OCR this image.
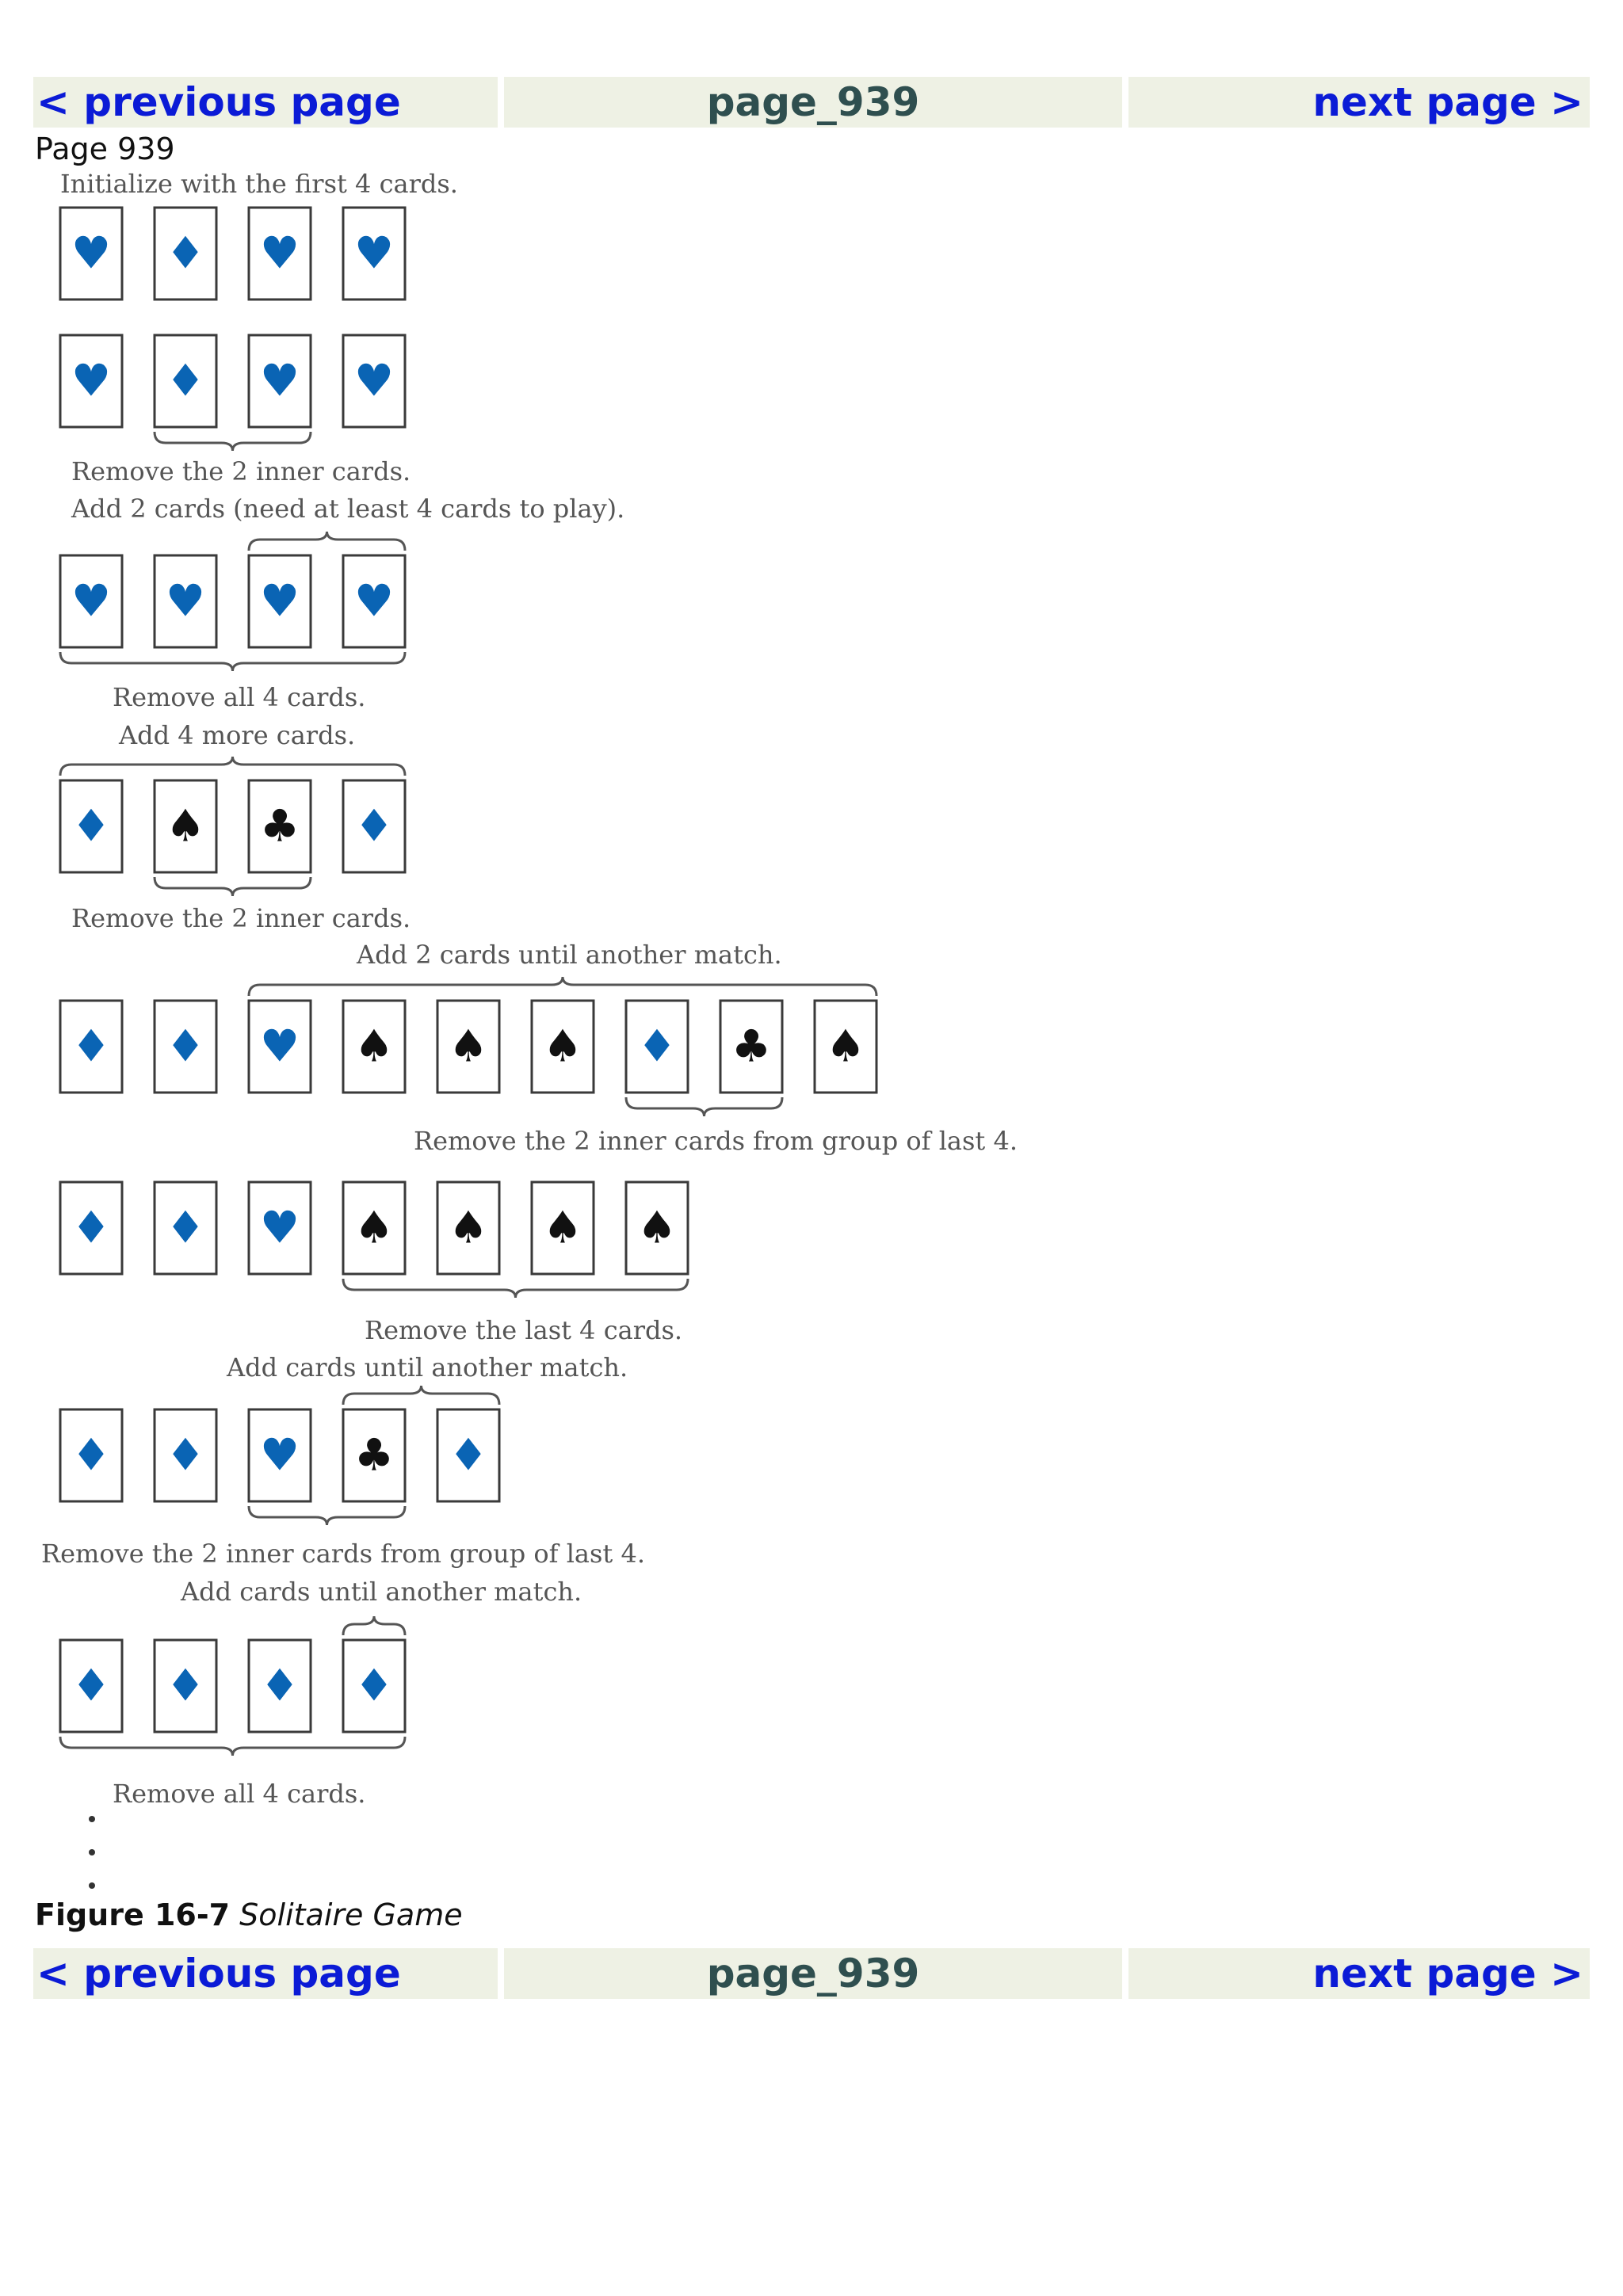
< previous page	page_939	next page >
Page 939
♥ ♦ ♥ ♥
♥ ♦ ♥ ♥
♥ ♥ ♥ ♥
♦ ♠ ♣ ♦
♦ ♦ ♥ ♠ ♠ ♠ ♦ ♣ ♠
♦ ♦ ♥ ♠ ♠ ♠ ♠
♦ ♦ ♥ ♣ ♦
♦ ♦ ♦ ♦
Initialize with the first 4 cards.
Remove the 2 inner cards.
Add 2 cards (need at least 4 cards to play).
Remove all 4 cards.
Add 4 more cards.
Remove the 2 inner cards.
Add 2 cards until another match.
Remove the 2 inner cards from group of last 4.
Remove the last 4 cards.
Add cards until another match.
Remove the 2 inner cards from group of last 4.
Add cards until another match.
Remove all 4 cards.
Figure 16-7 Solitaire Game
< previous page	page_939	next page >
